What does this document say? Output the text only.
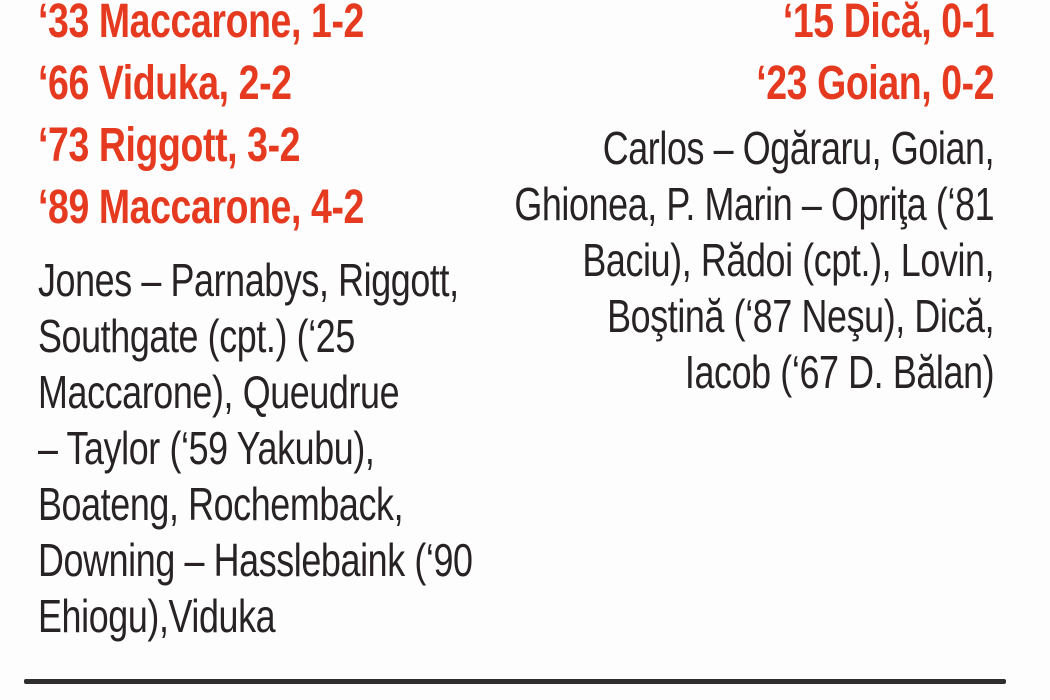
‘33 Maccarone, 1-2
‘66 Viduka, 2-2
‘73 Riggott, 3-2
‘89 Maccarone, 4-2
Jones – Parnabys, Riggott,
Southgate (cpt.) (‘25
Maccarone), Queudrue
– Taylor (‘59 Yakubu),
Boateng, Rochemback,
Downing – Hasslebaink (‘90
Ehiogu),Viduka
‘15 Dică, 0-1
‘23 Goian, 0-2
Carlos – Ogăraru, Goian,
Ghionea, P. Marin – Opriţa (‘81
Baciu), Rădoi (cpt.), Lovin,
Boştină (‘87 Neşu), Dică,
Iacob (‘67 D. Bălan)
